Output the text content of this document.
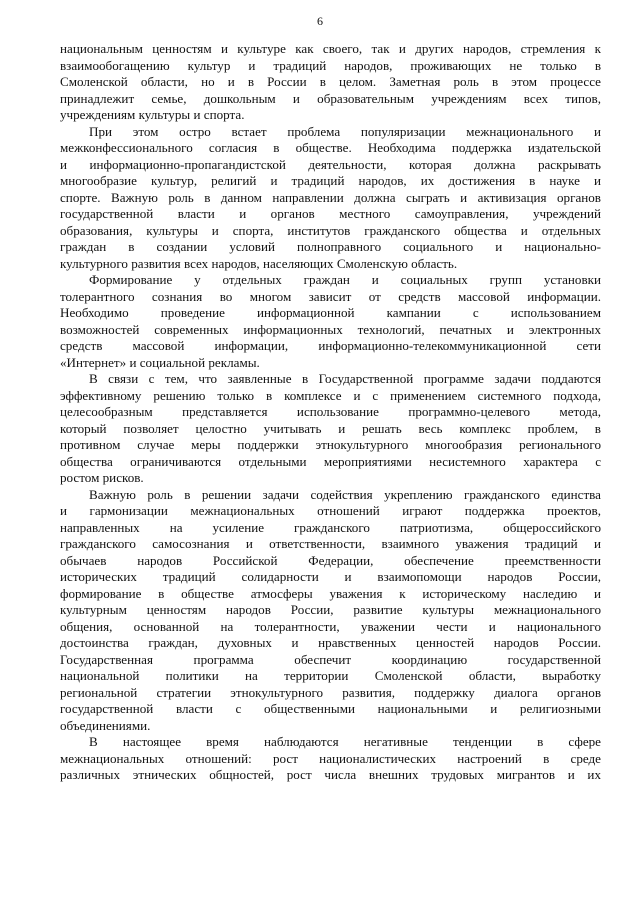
6
национальным ценностям и культуре как своего, так и других народов, стремления к
взаимообогащению культур и традиций народов, проживающих не только в
Смоленской области, но и в России в целом. Заметная роль в этом процессе
принадлежит семье, дошкольным и образовательным учреждениям всех типов,
учреждениям культуры и спорта.
При этом остро встает проблема популяризации межнационального и
межконфессионального согласия в обществе. Необходима поддержка издательской
и информационно-пропагандистской деятельности, которая должна раскрывать
многообразие культур, религий и традиций народов, их достижения в науке и
спорте. Важную роль в данном направлении должна сыграть и активизация органов
государственной власти и органов местного самоуправления, учреждений
образования, культуры и спорта, институтов гражданского общества и отдельных
граждан в создании условий полноправного социального и национально-
культурного развития всех народов, населяющих Смоленскую область.
Формирование у отдельных граждан и социальных групп установки
толерантного сознания во многом зависит от средств массовой информации.
Необходимо проведение информационной кампании с использованием
возможностей современных информационных технологий, печатных и электронных
средств массовой информации, информационно-телекоммуникационной сети
«Интернет» и социальной рекламы.
В связи с тем, что заявленные в Государственной программе задачи поддаются
эффективному решению только в комплексе и с применением системного подхода,
целесообразным представляется использование программно-целевого метода,
который позволяет целостно учитывать и решать весь комплекс проблем, в
противном случае меры поддержки этнокультурного многообразия регионального
общества ограничиваются отдельными мероприятиями несистемного характера с
ростом рисков.
Важную роль в решении задачи содействия укреплению гражданского единства
и гармонизации межнациональных отношений играют поддержка проектов,
направленных на усиление гражданского патриотизма, общероссийского
гражданского самосознания и ответственности, взаимного уважения традиций и
обычаев народов Российской Федерации, обеспечение преемственности
исторических традиций солидарности и взаимопомощи народов России,
формирование в обществе атмосферы уважения к историческому наследию и
культурным ценностям народов России, развитие культуры межнационального
общения, основанной на толерантности, уважении чести и национального
достоинства граждан, духовных и нравственных ценностей народов России.
Государственная программа обеспечит координацию государственной
национальной политики на территории Смоленской области, выработку
региональной стратегии этнокультурного развития, поддержку диалога органов
государственной власти с общественными национальными и религиозными
объединениями.
В настоящее время наблюдаются негативные тенденции в сфере
межнациональных отношений: рост националистических настроений в среде
различных этнических общностей, рост числа внешних трудовых мигрантов и их
